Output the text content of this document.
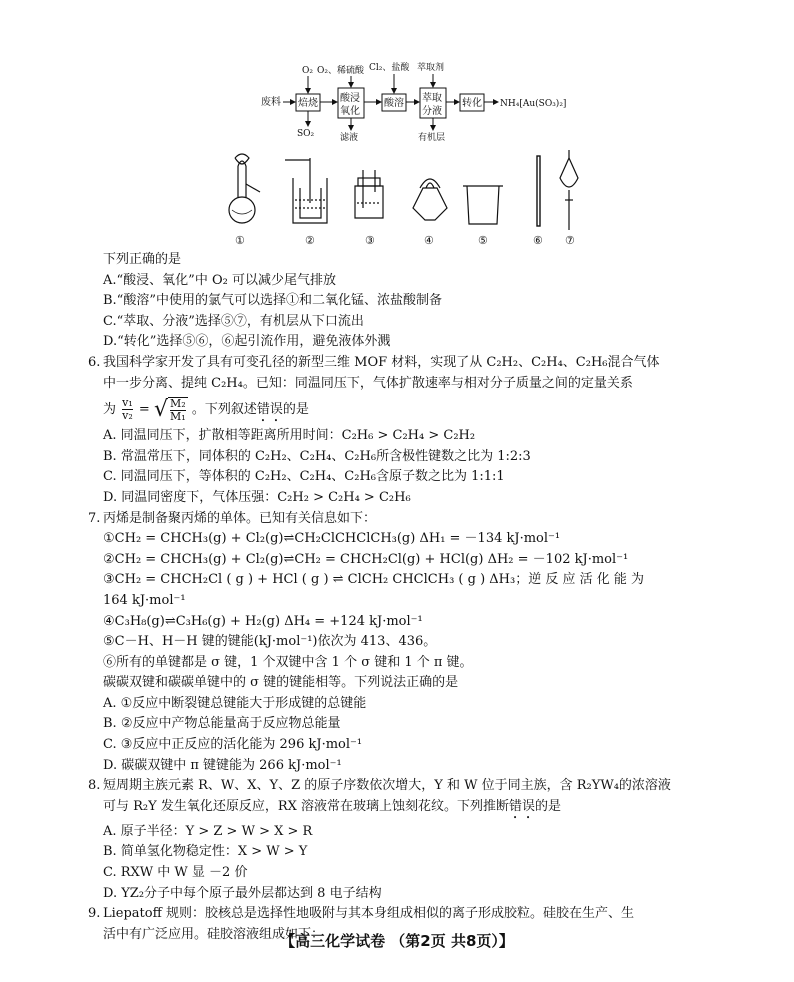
废料 焙烧
O₂
SO₂
酸浸
氧化
O₂、稀硫酸
滤液
酸溶
Cl₂、盐酸
萃取
分液
萃取剂
有机层
转化 NH₄[Au(SO₃)₂]
①	②	③	④	⑤	⑥ ⑦
下列正确的是
A.“酸浸、氧化”中 O₂ 可以减少尾气排放
B.“酸溶”中使用的氯气可以选择①和二氧化锰、浓盐酸制备
C.“萃取、分液”选择⑤⑦，有机层从下口流出
D.“转化”选择⑤⑥，⑥起引流作用，避免液体外溅
6. 我国科学家开发了具有可变孔径的新型三维 MOF 材料，实现了从 C₂H₂、C₂H₄、C₂H₆混合气体
中一步分离、提纯 C₂H₄。已知：同温同压下，气体扩散速率与相对分子质量之间的定量关系
为 $\frac{\text{v₁}}{\text{v₂}}$ = √ $\frac{\text{M₂}}{\text{M₁}}$ 。下列叙述错误的是
A. 同温同压下，扩散相等距离所用时间：C₂H₆ > C₂H₄ > C₂H₂
B. 常温常压下，同体积的 C₂H₂、C₂H₄、C₂H₆所含极性键数之比为 1:2:3
C. 同温同压下，等体积的 C₂H₂、C₂H₄、C₂H₆含原子数之比为 1:1:1
D. 同温同密度下，气体压强：C₂H₂ > C₂H₄ > C₂H₆
7. 丙烯是制备聚丙烯的单体。已知有关信息如下：
①CH₂ = CHCH₃(g) + Cl₂(g)⇌CH₂ClCHClCH₃(g) ΔH₁ = －134 kJ·mol⁻¹
②CH₂ = CHCH₃(g) + Cl₂(g)⇌CH₂ = CHCH₂Cl(g) + HCl(g) ΔH₂ = －102 kJ·mol⁻¹
③CH₂ = CHCH₂Cl ( g ) + HCl ( g ) ⇌ ClCH₂ CHClCH₃ ( g ) ΔH₃；逆 反 应 活 化 能 为
164 kJ·mol⁻¹
④C₃H₈(g)⇌C₃H₆(g) + H₂(g) ΔH₄ = +124 kJ·mol⁻¹
⑤C－H、H－H 键的键能(kJ·mol⁻¹)依次为 413、436。
⑥所有的单键都是 σ 键，1 个双键中含 1 个 σ 键和 1 个 π 键。
碳碳双键和碳碳单键中的 σ 键的键能相等。下列说法正确的是
A. ①反应中断裂键总键能大于形成键的总键能
B. ②反应中产物总能量高于反应物总能量
C. ③反应中正反应的活化能为 296 kJ·mol⁻¹
D. 碳碳双键中 π 键键能为 266 kJ·mol⁻¹
8. 短周期主族元素 R、W、X、Y、Z 的原子序数依次增大，Y 和 W 位于同主族，含 R₂YW₄的浓溶液
可与 R₂Y 发生氧化还原反应，RX 溶液常在玻璃上蚀刻花纹。下列推断错误的是
A. 原子半径：Y > Z > W > X > R
B. 简单氢化物稳定性：X > W > Y
C. RXW 中 W 显 －2 价
D. YZ₂分子中每个原子最外层都达到 8 电子结构
9. Liepatoff 规则：胶核总是选择性地吸附与其本身组成相似的离子形成胶粒。硅胶在生产、生
活中有广泛应用。硅胶溶液组成如下：
【高三化学试卷 （第2页 共8页）】
